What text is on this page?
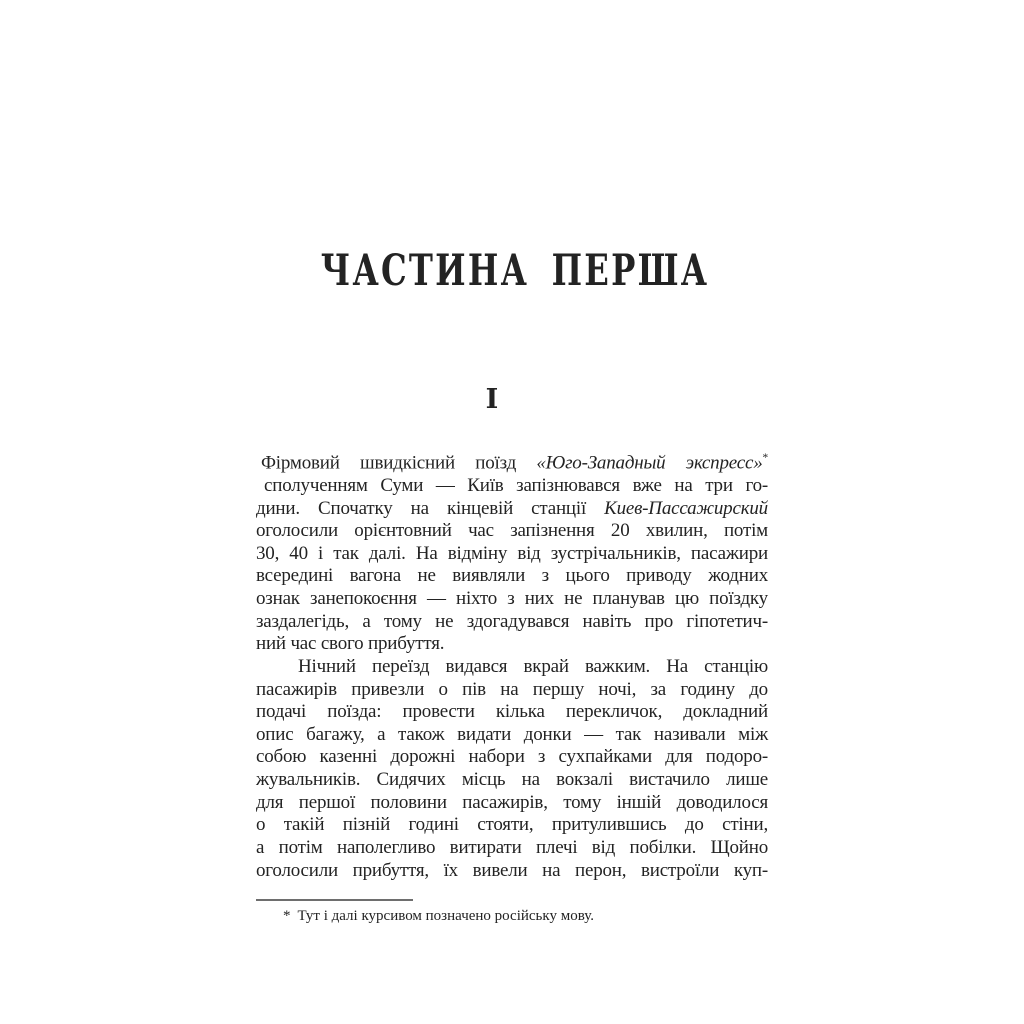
ЧАСТИНА ПЕРША
I
Фірмовий швидкісний поїзд «Юго-Западный экспресс»*
сполученням Суми — Київ запізнювався вже на три го-
дини. Спочатку на кінцевій станції Киев-Пассажирский
оголосили орієнтовний час запізнення 20 хвилин, потім
30, 40 і так далі. На відміну від зустрічальників, пасажири
всередині вагона не виявляли з цього приводу жодних
ознак занепокоєння — ніхто з них не планував цю поїздку
заздалегідь, а тому не здогадувався навіть про гіпотетич-
ний час свого прибуття.
Нічний переїзд видався вкрай важким. На станцію
пасажирів привезли о пів на першу ночі, за годину до
подачі поїзда: провести кілька перекличок, докладний
опис багажу, а також видати донки — так називали між
собою казенні дорожні набори з сухпайками для подоро-
жувальників. Сидячих місць на вокзалі вистачило лише
для першої половини пасажирів, тому іншій доводилося
о такій пізній годині стояти, притулившись до стіни,
а потім наполегливо витирати плечі від побілки. Щойно
оголосили прибуття, їх вивели на перон, вистроїли куп-
* Тут і далі курсивом позначено російську мову.
